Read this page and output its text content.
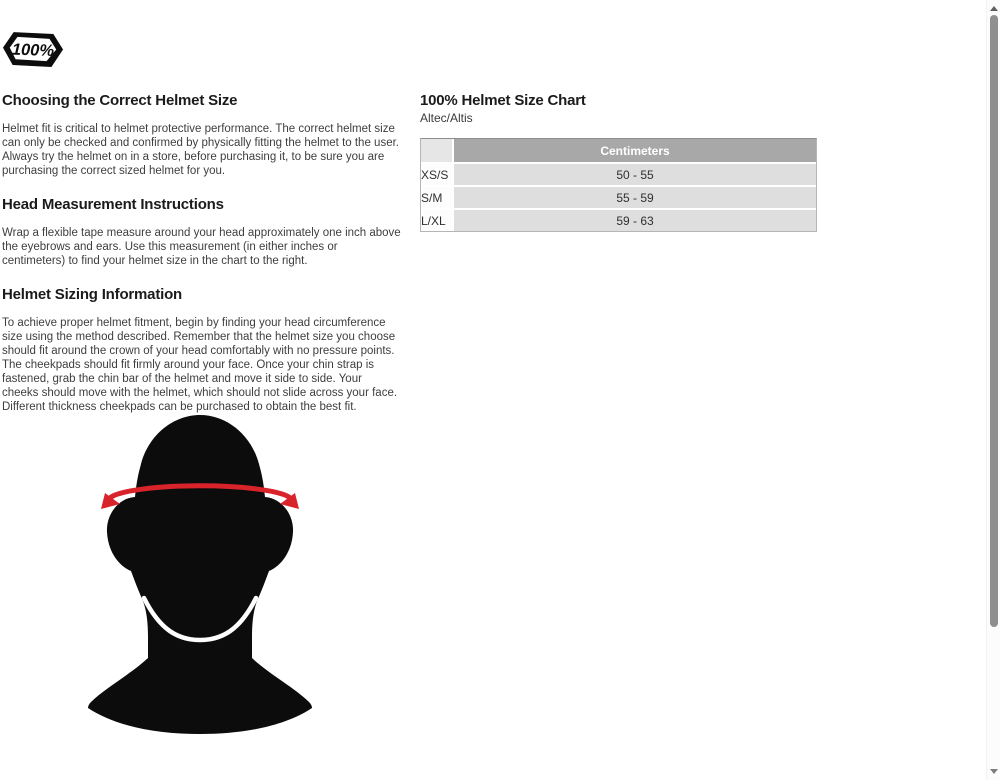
100%
Choosing the Correct Helmet Size

Helmet fit is critical to helmet protective performance. The correct helmet size can only be checked and confirmed by physically fitting the helmet to the user. Always try the helmet on in a store, before purchasing it, to be sure you are purchasing the correct sized helmet for you.

Head Measurement Instructions

Wrap a flexible tape measure around your head approximately one inch above the eyebrows and ears. Use this measurement (in either inches or centimeters) to find your helmet size in the chart to the right.

Helmet Sizing Information

To achieve proper helmet fitment, begin by finding your head circumference size using the method described. Remember that the helmet size you choose should fit around the crown of your head comfortably with no pressure points. The cheekpads should fit firmly around your face. Once your chin strap is fastened, grab the chin bar of the helmet and move it side to side. Your cheeks should move with the helmet, which should not slide across your face. Different thickness cheekpads can be purchased to obtain the best fit.

100% Helmet Size Chart

Altec/Altis

	Centimeters
XS/S	50 - 55
S/M	55 - 59
L/XL	59 - 63
